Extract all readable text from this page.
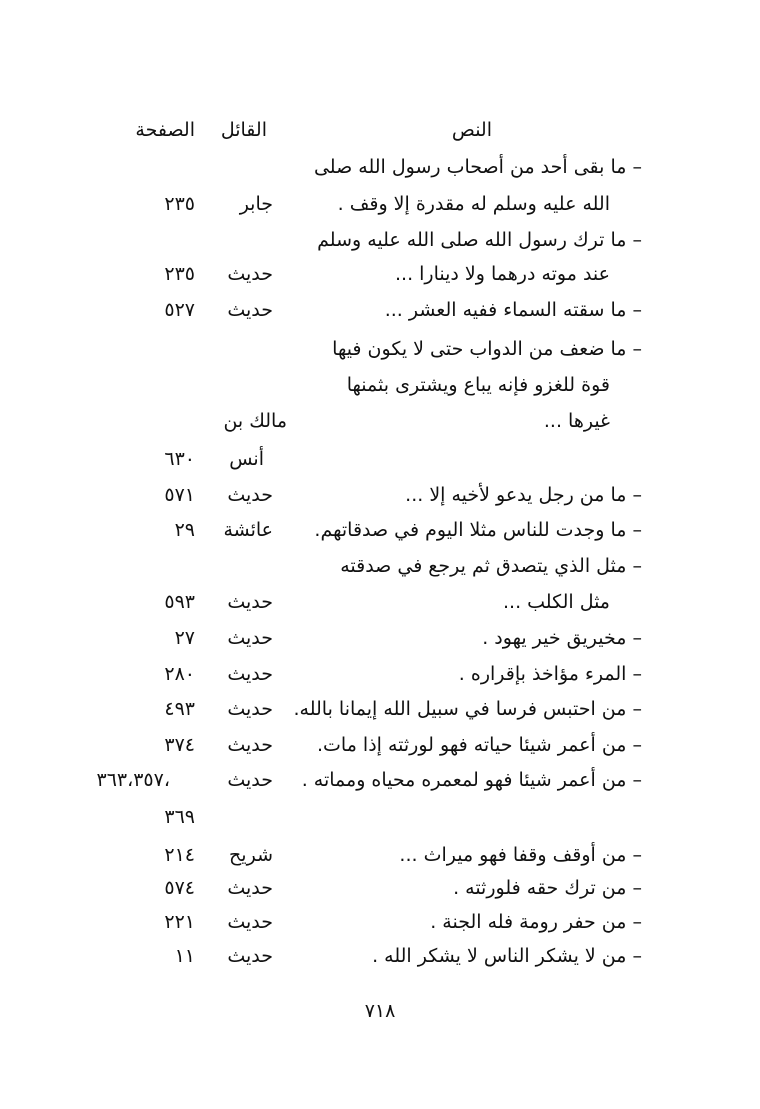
النص
القائل
الصفحة
– ما بقى أحد من أصحاب رسول الله صلى
الله عليه وسلم له مقدرة إلا وقف .
جابر
٢٣٥
– ما ترك رسول الله صلى الله عليه وسلم
عند موته درهما ولا دينارا ...
حديث
٢٣٥
– ما سقته السماء ففيه العشر ...
حديث
٥٢٧
– ما ضعف من الدواب حتى لا يكون فيها
قوة للغزو فإنه يباع ويشترى بثمنها
غيرها ...
مالك بن
أنس
٦٣٠
– ما من رجل يدعو لأخيه إلا ...
حديث
٥٧١
– ما وجدت للناس مثلا اليوم في صدقاتهم.
عائشة
٢٩
– مثل الذي يتصدق ثم يرجع في صدقته
مثل الكلب ...
حديث
٥٩٣
– مخيريق خير يهود .
حديث
٢٧
– المرء مؤاخذ بإقراره .
حديث
٢٨٠
– من احتبس فرسا في سبيل الله إيمانا بالله.
حديث
٤٩٣
– من أعمر شيئا حياته فهو لورثته إذا مات.
حديث
٣٧٤
– من أعمر شيئا فهو لمعمره محياه ومماته .
حديث
،٣٦٣،٣٥٧
٣٦٩
– من أوقف وقفا فهو ميراث ...
شريح
٢١٤
– من ترك حقه فلورثته .
حديث
٥٧٤
– من حفر رومة فله الجنة .
حديث
٢٢١
– من لا يشكر الناس لا يشكر الله .
حديث
١١
٧١٨
